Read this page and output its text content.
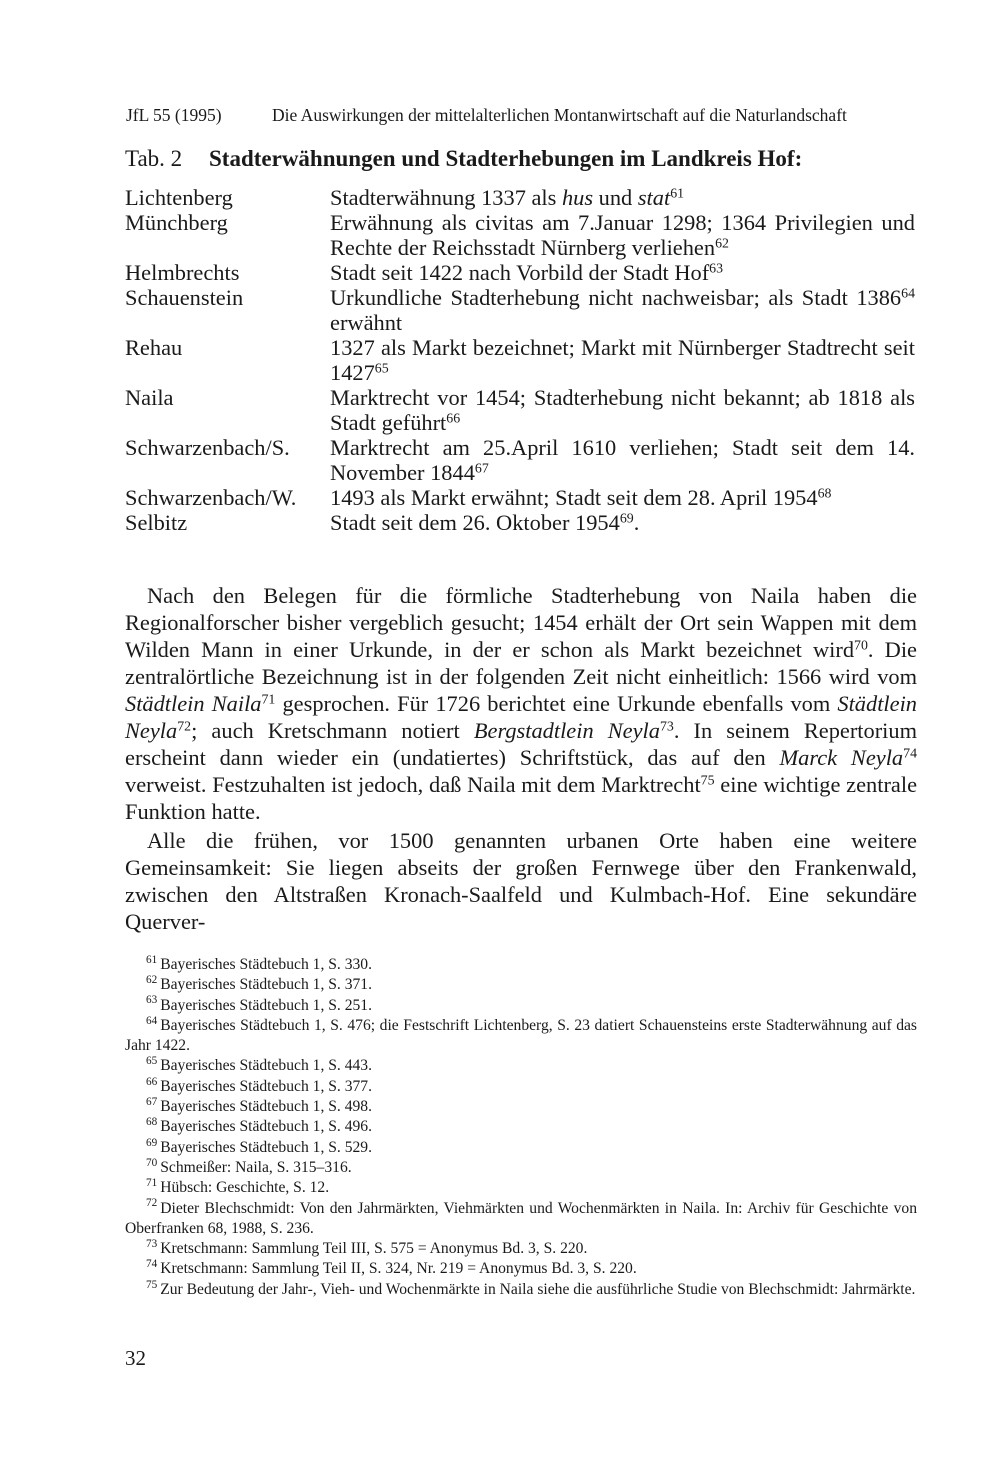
JfL 55 (1995)	Die Auswirkungen der mittelalterlichen Montanwirtschaft auf die Naturlandschaft
Tab. 2 Stadterwähnungen und Stadterhebungen im Landkreis Hof:
Lichtenberg	Stadterwähnung 1337 als hus und stat$^{61}$
Münchberg	Erwähnung als civitas am 7.Januar 1298; 1364 Privilegien und Rechte der Reichsstadt Nürnberg verliehen$^{62}$
Helmbrechts	Stadt seit 1422 nach Vorbild der Stadt Hof$^{63}$
Schauenstein	Urkundliche Stadterhebung nicht nachweisbar; als Stadt 1386$^{64}$ erwähnt
Rehau	1327 als Markt bezeichnet; Markt mit Nürnberger Stadtrecht seit 1427$^{65}$
Naila	Marktrecht vor 1454; Stadterhebung nicht bekannt; ab 1818 als Stadt geführt$^{66}$
Schwarzenbach/S.	Marktrecht am 25.April 1610 verliehen; Stadt seit dem 14. November 1844$^{67}$
Schwarzenbach/W.	1493 als Markt erwähnt; Stadt seit dem 28. April 1954$^{68}$
Selbitz	Stadt seit dem 26. Oktober 1954$^{69}$.

Nach den Belegen für die förmliche Stadterhebung von Naila haben die Regionalforscher bisher vergeblich gesucht; 1454 erhält der Ort sein Wappen mit dem Wilden Mann in einer Urkunde, in der er schon als Markt bezeichnet wird$^{70}$. Die zentralörtliche Bezeichnung ist in der folgenden Zeit nicht einheitlich: 1566 wird vom Städtlein Naila$^{71}$ gesprochen. Für 1726 berichtet eine Urkunde ebenfalls vom Städtlein Neyla$^{72}$; auch Kretschmann notiert Bergstadtlein Neyla$^{73}$. In seinem Repertorium erscheint dann wieder ein (undatiertes) Schriftstück, das auf den Marck Neyla$^{74}$ verweist. Festzuhalten ist jedoch, daß Naila mit dem Marktrecht$^{75}$ eine wichtige zentrale Funktion hatte.

Alle die frühen, vor 1500 genannten urbanen Orte haben eine weitere Gemeinsamkeit: Sie liegen abseits der großen Fernwege über den Frankenwald, zwischen den Altstraßen Kronach-Saalfeld und Kulmbach-Hof. Eine sekundäre Querver-

$^{61}$ Bayerisches Städtebuch 1, S. 330.
$^{62}$ Bayerisches Städtebuch 1, S. 371.
$^{63}$ Bayerisches Städtebuch 1, S. 251.
$^{64}$ Bayerisches Städtebuch 1, S. 476; die Festschrift Lichtenberg, S. 23 datiert Schauensteins erste Stadterwähnung auf das Jahr 1422.
$^{65}$ Bayerisches Städtebuch 1, S. 443.
$^{66}$ Bayerisches Städtebuch 1, S. 377.
$^{67}$ Bayerisches Städtebuch 1, S. 498.
$^{68}$ Bayerisches Städtebuch 1, S. 496.
$^{69}$ Bayerisches Städtebuch 1, S. 529.
$^{70}$ Schmeißer: Naila, S. 315–316.
$^{71}$ Hübsch: Geschichte, S. 12.
$^{72}$ Dieter Blechschmidt: Von den Jahrmärkten, Viehmärkten und Wochenmärkten in Naila. In: Archiv für Geschichte von Oberfranken 68, 1988, S. 236.
$^{73}$ Kretschmann: Sammlung Teil III, S. 575 = Anonymus Bd. 3, S. 220.
$^{74}$ Kretschmann: Sammlung Teil II, S. 324, Nr. 219 = Anonymus Bd. 3, S. 220.
$^{75}$ Zur Bedeutung der Jahr-, Vieh- und Wochenmärkte in Naila siehe die ausführliche Studie von Blechschmidt: Jahrmärkte.
32
